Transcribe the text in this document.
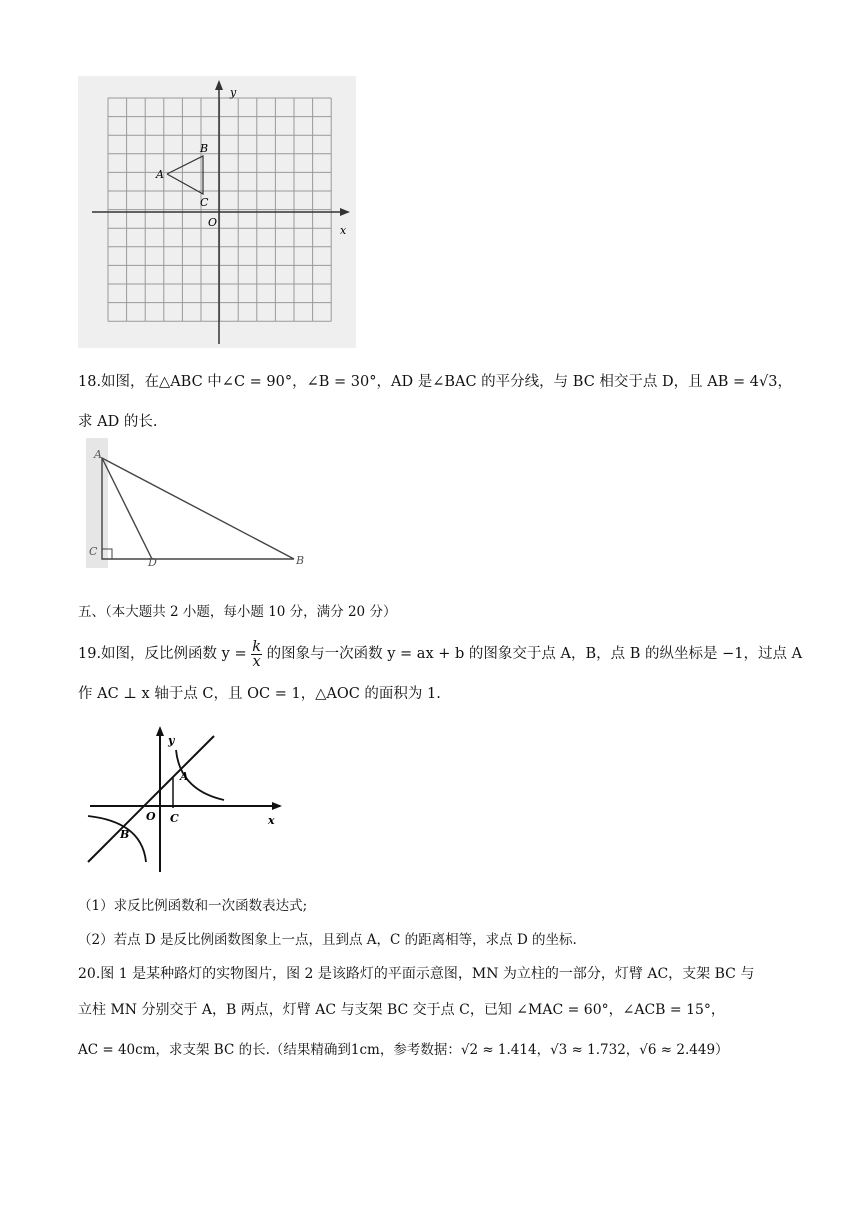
y
x
O
A
B
C
18.如图，在△ABC 中∠C = 90°，∠B = 30°，AD 是∠BAC 的平分线，与 BC 相交于点 D，且 AB = 4√3，
求 AD 的长.
A
B
C
D
五、（本大题共 2 小题，每小题 10 分，满分 20 分）
19.如图，反比例函数 $y = \frac{k}{x}$ 的图象与一次函数 y = ax + b 的图象交于点 A，B，点 B 的纵坐标是 −1，过点 A
作 AC ⊥ x 轴于点 C，且 OC = 1，△AOC 的面积为 1.
y
x
O
A
B
C
（1）求反比例函数和一次函数表达式;
（2）若点 D 是反比例函数图象上一点，且到点 A，C 的距离相等，求点 D 的坐标.
20.图 1 是某种路灯的实物图片，图 2 是该路灯的平面示意图，MN 为立柱的一部分，灯臂 AC，支架 BC 与
立柱 MN 分别交于 A，B 两点，灯臂 AC 与支架 BC 交于点 C，已知 ∠MAC = 60°，∠ACB = 15°，
AC = 40cm，求支架 BC 的长.（结果精确到1cm，参考数据：√2 ≈ 1.414，√3 ≈ 1.732，√6 ≈ 2.449）
